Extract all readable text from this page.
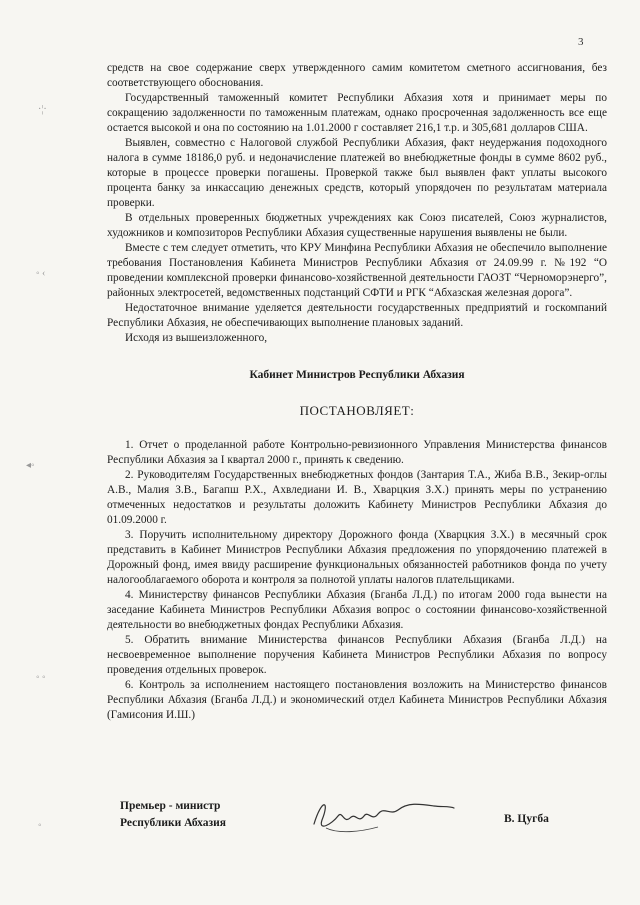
3
·¦·
◦ ‹
◂◦
◦ ◦
◦

средств на свое содержание сверх утвержденного самим комитетом сметного ассигнования, без соответствующего обоснования.

Государственный таможенный комитет Республики Абхазия хотя и принимает меры по сокращению задолженности по таможенным платежам, однако просроченная задолженность все еще остается высокой и она по состоянию на 1.01.2000 г составляет 216,1 т.р. и 305,681 долларов США.

Выявлен, совместно с Налоговой службой Республики Абхазия, факт неудержания подоходного налога в сумме 18186,0 руб. и недоначисление платежей во внебюджетные фонды в сумме 8602 руб., которые в процессе проверки погашены. Проверкой также был выявлен факт уплаты высокого процента банку за инкассацию денежных средств, который упорядочен по результатам материала проверки.

В отдельных проверенных бюджетных учреждениях как Союз писателей, Союз журналистов, художников и композиторов Республики Абхазия существенные нарушения выявлены не были.

Вместе с тем следует отметить, что КРУ Минфина Республики Абхазия не обеспечило выполнение требования Постановления Кабинета Министров Республики Абхазия от 24.09.99 г. №192 “О проведении комплексной проверки финансово-хозяйственной деятельности ГАОЗТ “Черноморэнерго”, районных электросетей, ведомственных подстанций СФТИ и РГК “Абхазская железная дорога”.

Недостаточное внимание уделяется деятельности государственных предприятий и госкомпаний Республики Абхазия, не обеспечивающих выполнение плановых заданий.

Исходя из вышеизложенного,

Кабинет Министров Республики Абхазия

ПОСТАНОВЛЯЕТ:

1. Отчет о проделанной работе Контрольно-ревизионного Управления Министерства финансов Республики Абхазия за I квартал 2000 г., принять к сведению.

2. Руководителям Государственных внебюджетных фондов (Зантария Т.А., Жиба В.В., Зекир-оглы А.В., Малия З.В., Багапш Р.Х., Ахвледиани И. В., Хварцкия З.Х.) принять меры по устранению отмеченных недостатков и результаты доложить Кабинету Министров Республики Абхазия до 01.09.2000 г.

3. Поручить исполнительному директору Дорожного фонда (Хварцкия З.Х.) в месячный срок представить в Кабинет Министров Республики Абхазия предложения по упорядочению платежей в Дорожный фонд, имея ввиду расширение функциональных обязанностей работников фонда по учету налогооблагаемого оборота и контроля за полнотой уплаты налогов плательщиками.

4. Министерству финансов Республики Абхазия (Бганба Л.Д.) по итогам 2000 года вынести на заседание Кабинета Министров Республики Абхазия вопрос о состоянии финансово-хозяйственной деятельности во внебюджетных фондах Республики Абхазия.

5. Обратить внимание Министерства финансов Республики Абхазия (Бганба Л.Д.) на несвоевременное выполнение поручения Кабинета Министров Республики Абхазия по вопросу проведения отдельных проверок.

6. Контроль за исполнением настоящего постановления возложить на Министерство финансов Республики Абхазия (Бганба Л.Д.) и экономический отдел Кабинета Министров Республики Абхазия (Гамисония И.Ш.)

Премьер - министр
Республики Абхазия	В. Цугба
